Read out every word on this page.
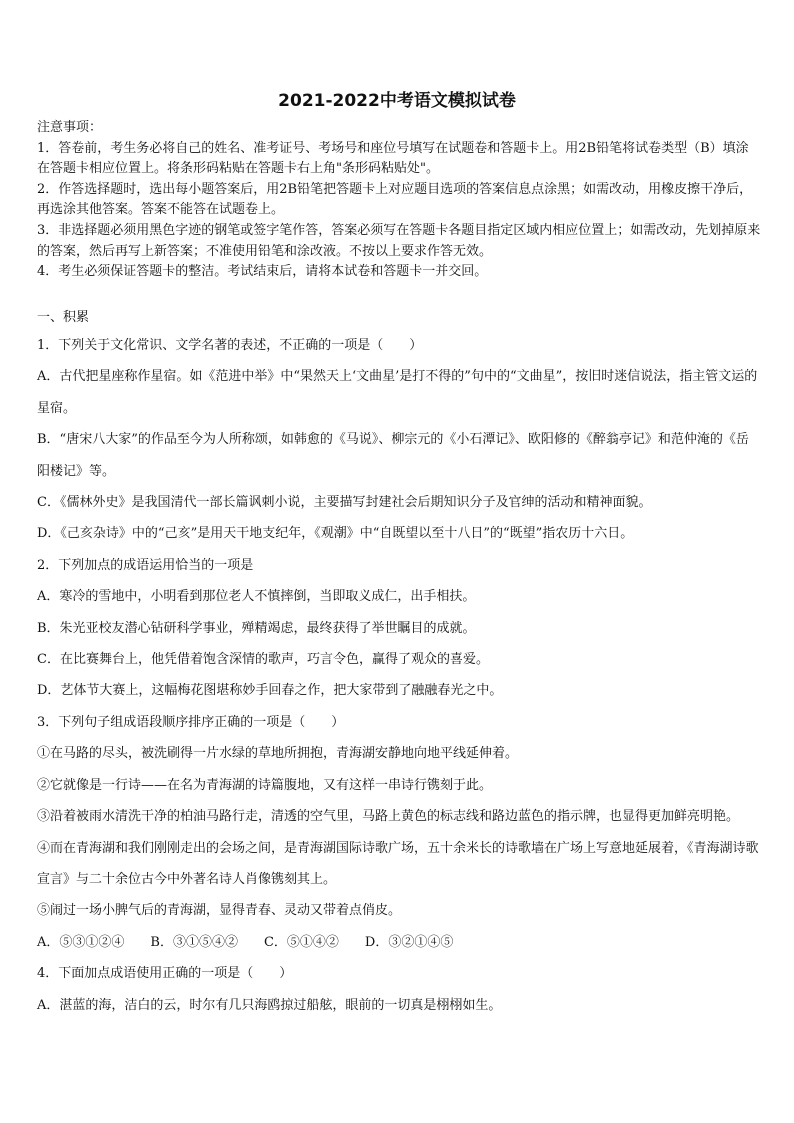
2021-2022中考语文模拟试卷

注意事项：

1．答卷前，考生务必将自己的姓名、准考证号、考场号和座位号填写在试题卷和答题卡上。用2B铅笔将试卷类型（B）填涂在答题卡相应位置上。将条形码粘贴在答题卡右上角"条形码粘贴处"。

2．作答选择题时，选出每小题答案后，用2B铅笔把答题卡上对应题目选项的答案信息点涂黑；如需改动，用橡皮擦干净后，再选涂其他答案。答案不能答在试题卷上。

3．非选择题必须用黑色字迹的钢笔或签字笔作答，答案必须写在答题卡各题目指定区域内相应位置上；如需改动，先划掉原来的答案，然后再写上新答案；不准使用铅笔和涂改液。不按以上要求作答无效。

4．考生必须保证答题卡的整洁。考试结束后，请将本试卷和答题卡一并交回。

一、积累

1．下列关于文化常识、文学名著的表述，不正确的一项是（　　）

A．古代把星座称作星宿。如《范进中举》中“果然天上‘文曲星’是打不得的”句中的“文曲星”，按旧时迷信说法，指主管文运的星宿。

B．“唐宋八大家”的作品至今为人所称颂，如韩愈的《马说》、柳宗元的《小石潭记》、欧阳修的《醉翁亭记》和范仲淹的《岳阳楼记》等。

C．《儒林外史》是我国清代一部长篇讽刺小说，主要描写封建社会后期知识分子及官绅的活动和精神面貌。

D．《己亥杂诗》中的“己亥”是用天干地支纪年，《观潮》中“自既望以至十八日”的“既望”指农历十六日。

2．下列加点的成语运用恰当的一项是

A．寒冷的雪地中，小明看到那位老人不慎摔倒，当即取义成仁，出手相扶。

B．朱光亚校友潜心钻研科学事业，殚精竭虑，最终获得了举世瞩目的成就。

C．在比赛舞台上，他凭借着饱含深情的歌声，巧言令色，赢得了观众的喜爱。

D．艺体节大赛上，这幅梅花图堪称妙手回春之作，把大家带到了融融春光之中。

3．下列句子组成语段顺序排序正确的一项是（　　）

①在马路的尽头，被洗刷得一片水绿的草地所拥抱，青海湖安静地向地平线延伸着。

②它就像是一行诗——在名为青海湖的诗篇腹地，又有这样一串诗行镌刻于此。

③沿着被雨水清洗干净的柏油马路行走，清透的空气里，马路上黄色的标志线和路边蓝色的指示牌，也显得更加鲜亮明艳。

④而在青海湖和我们刚刚走出的会场之间，是青海湖国际诗歌广场，五十余米长的诗歌墙在广场上写意地延展着，《青海湖诗歌宣言》与二十余位古今中外著名诗人肖像镌刻其上。

⑤闹过一场小脾气后的青海湖，显得青春、灵动又带着点俏皮。

A．⑤③①②④ B．③①⑤④② C．⑤①④② D．③②①④⑤

4．下面加点成语使用正确的一项是（　　）

A．湛蓝的海，洁白的云，时尔有几只海鸥掠过船舷，眼前的一切真是栩栩如生。
